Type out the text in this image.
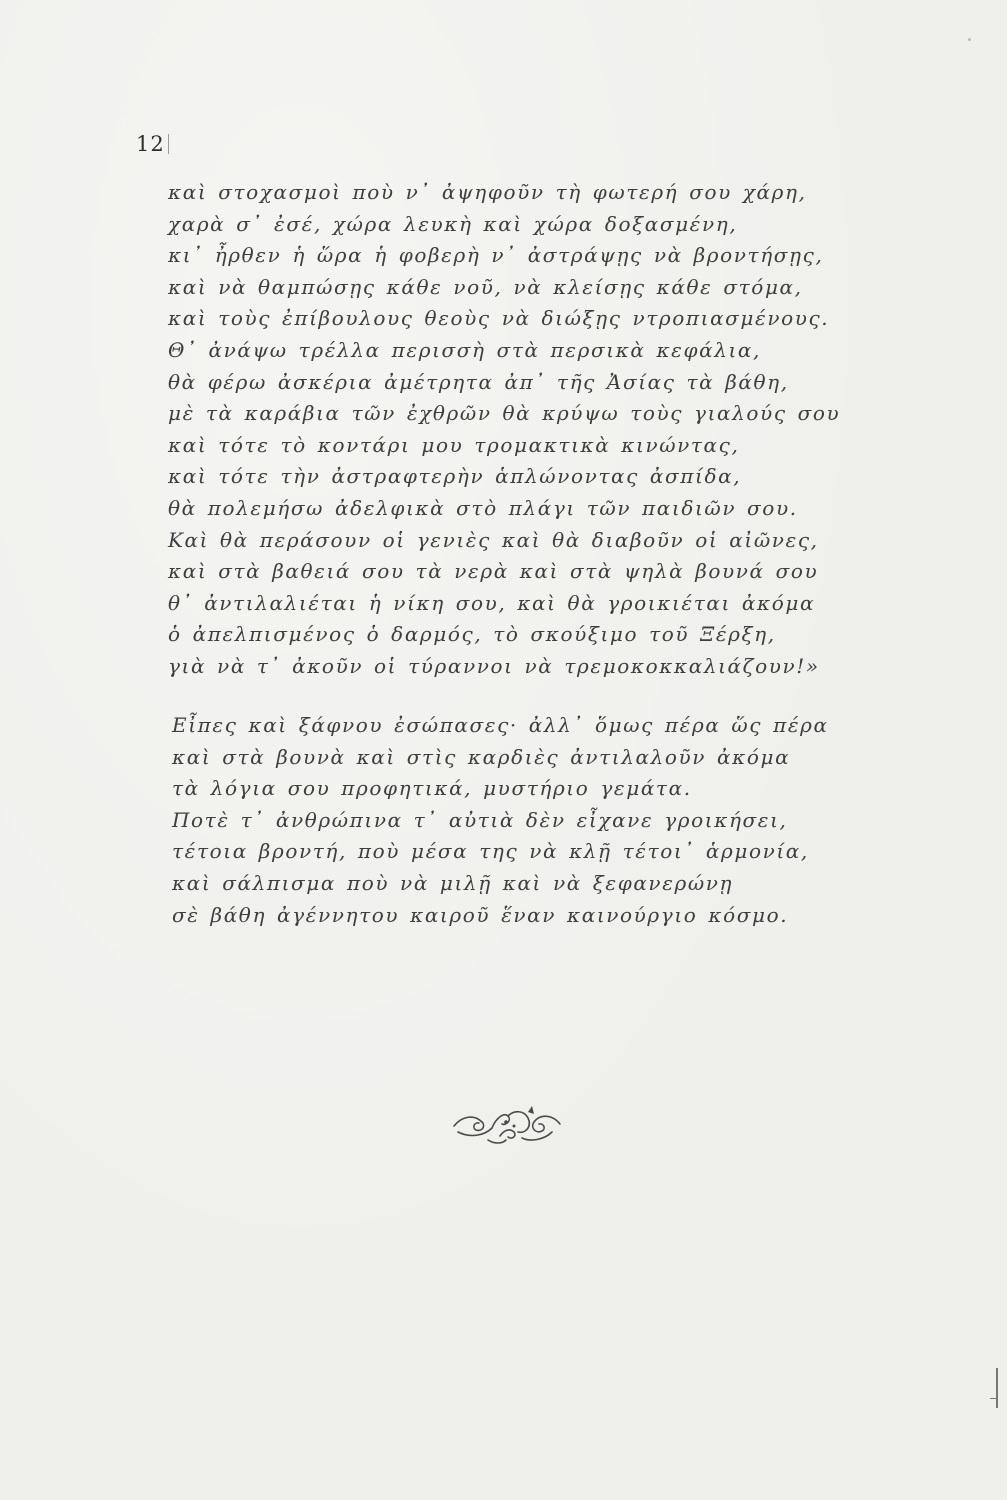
12
καὶ στοχασμοὶ ποὺ ν᾽ ἀψηφοῦν τὴ φωτερή σου χάρη,
χαρὰ σ᾽ ἐσέ, χώρα λευκὴ καὶ χώρα δοξασμένη,
κι᾽ ἦρθεν ἡ ὥρα ἡ φοβερὴ ν᾽ ἀστράψῃς νὰ βροντήσῃς,
καὶ νὰ θαμπώσῃς κάθε νοῦ, νὰ κλείσῃς κάθε στόμα,
καὶ τοὺς ἐπίβουλους θεοὺς νὰ διώξῃς ντροπιασμένους.
Θ᾽ ἀνάψω τρέλλα περισσὴ στὰ περσικὰ κεφάλια,
θὰ φέρω ἀσκέρια ἀμέτρητα ἀπ᾽ τῆς Ἀσίας τὰ βάθη,
μὲ τὰ καράβια τῶν ἐχθρῶν θὰ κρύψω τοὺς γιαλούς σου
καὶ τότε τὸ κοντάρι μου τρομακτικὰ κινώντας,
καὶ τότε τὴν ἀστραφτερὴν ἁπλώνοντας ἀσπίδα,
θὰ πολεμήσω ἀδελφικὰ στὸ πλάγι τῶν παιδιῶν σου.
Καὶ θὰ περάσουν οἱ γενιὲς καὶ θὰ διαβοῦν οἱ αἰῶνες,
καὶ στὰ βαθειά σου τὰ νερὰ καὶ στὰ ψηλὰ βουνά σου
θ᾽ ἀντιλαλιέται ἡ νίκη σου, καὶ θὰ γροικιέται ἀκόμα
ὁ ἀπελπισμένος ὁ δαρμός, τὸ σκούξιμο τοῦ Ξέρξη,
γιὰ νὰ τ᾽ ἀκοῦν οἱ τύραννοι νὰ τρεμοκοκκαλιάζουν!»
Εἶπες καὶ ξάφνου ἐσώπασες· ἀλλ᾽ ὅμως πέρα ὥς πέρα
καὶ στὰ βουνὰ καὶ στὶς καρδιὲς ἀντιλαλοῦν ἀκόμα
τὰ λόγια σου προφητικά, μυστήριο γεμάτα.
Ποτὲ τ᾽ ἀνθρώπινα τ᾽ αὐτιὰ δὲν εἶχανε γροικήσει,
τέτοια βροντή, ποὺ μέσα της νὰ κλῇ τέτοι᾽ ἁρμονία,
καὶ σάλπισμα ποὺ νὰ μιλῇ καὶ νὰ ξεφανερώνῃ
σὲ βάθη ἀγέννητου καιροῦ ἕναν καινούργιο κόσμο.
